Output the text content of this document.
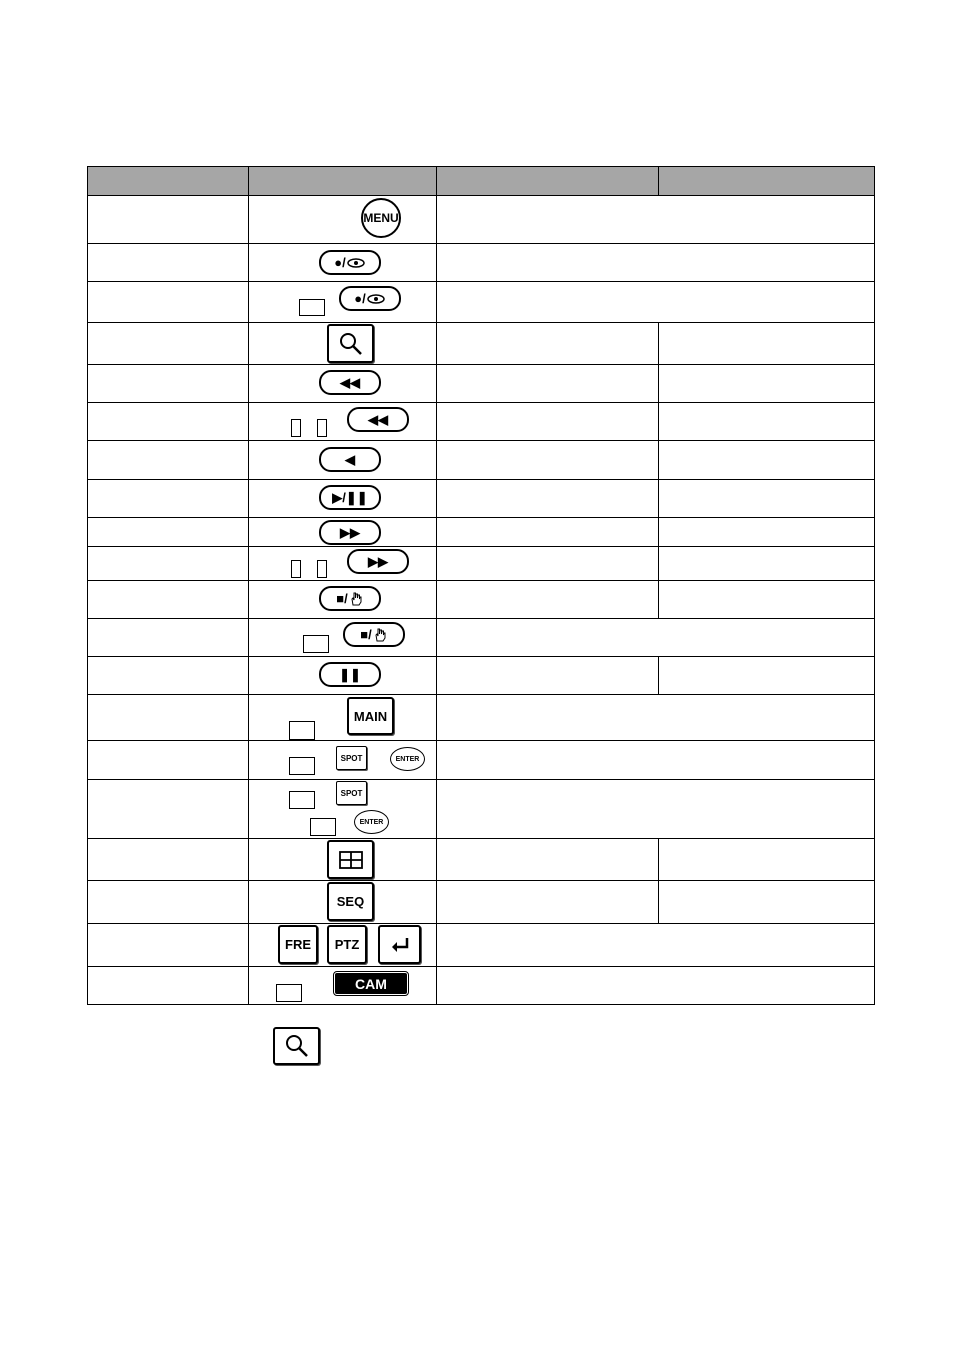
MENU
●/
●/
◀◀
◀◀
◀
▶/❚❚
▶▶
▶▶
■/
■/
❚❚
MAIN
SPOT	ENTER
SPOT
ENTER
SEQ
FRE	PTZ
CAM
